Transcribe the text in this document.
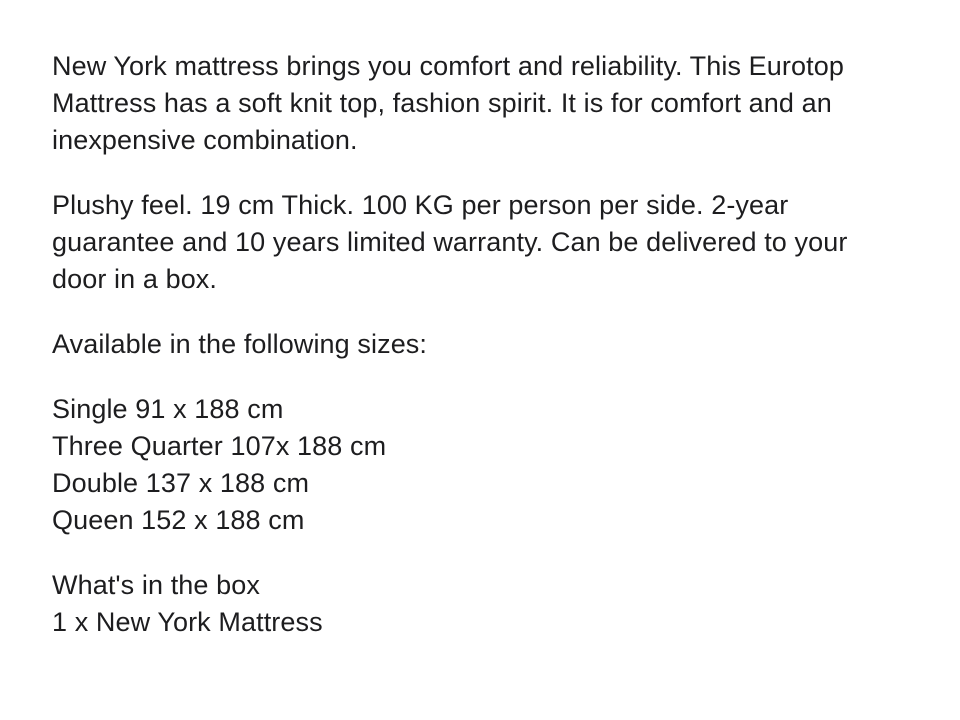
New York mattress brings you comfort and reliability. This Eurotop
Mattress has a soft knit top, fashion spirit. It is for comfort and an
inexpensive combination.
Plushy feel. 19 cm Thick. 100 KG per person per side. 2-year
guarantee and 10 years limited warranty. Can be delivered to your
door in a box.
Available in the following sizes:
Single 91 x 188 cm
Three Quarter 107x 188 cm
Double 137 x 188 cm
Queen 152 x 188 cm
What's in the box
1 x New York Mattress
